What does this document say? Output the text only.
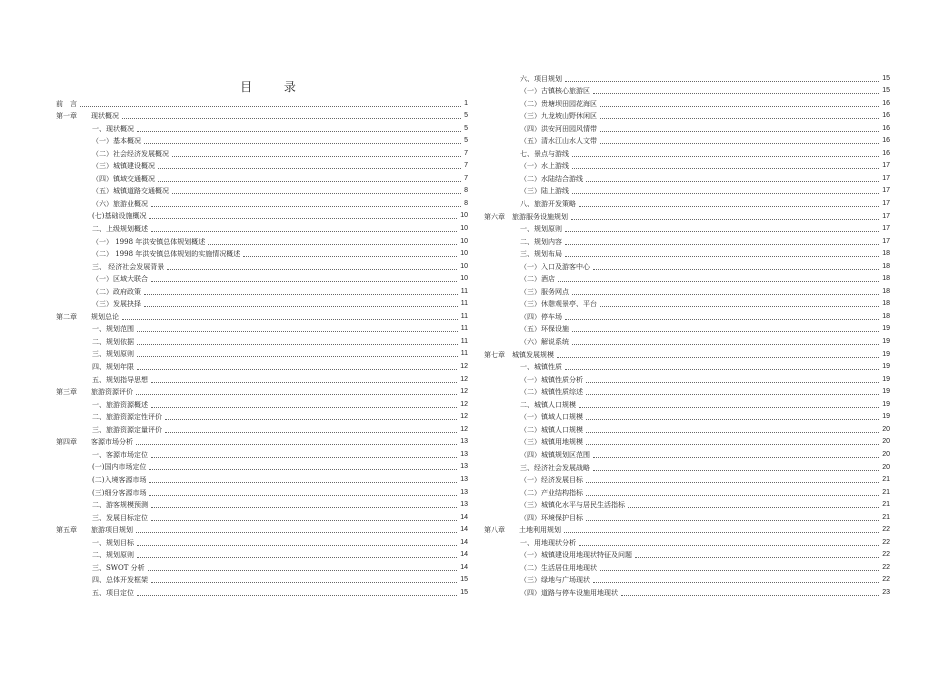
目 录
前　言	1
第一章　　现状概况	5
一、现状概况	5
（一）基本概况	5
（二）社会经济发展概况	7
（三）城镇建设概况	7
（四）镇域交通概况	7
（五）城镇道路交通概况	8
（六）旅游业概况	8
(七)基础设施概况	10
二、上级规划概述	10
（一） 1998 年洪安镇总体规划概述	10
（二） 1998 年洪安镇总体规划的实施情况概述	10
三、 经济社会发展背景	10
（一）区域大联合	10
（二）政府政策	11
（三）发展抉择	11
第二章　　规划总论	11
一、规划范围	11
二、规划依据	11
三、规划原则	11
四、规划年限	12
五、规划指导思想	12
第三章　　旅游资源评价	12
一、旅游资源概述	12
二、旅游资源定性评价	12
三、旅游资源定量评价	12
第四章　　客源市场分析	13
一、客源市场定位	13
(一)国内市场定位	13
(二)入境客源市场	13
(三)细分客源市场	13
二、游客规模预测	13
三、发展目标定位	14
第五章　　旅游项目规划	14
一、规划目标	14
二、规划原则	14
三、SWOT 分析	14
四、总体开发框架	15
五、项目定位	15
六、项目规划	15
（一）古镇核心旅游区	15
（二）贵塘坝田园花海区	16
（三）九龙坡山野休闲区	16
（四）洪安河田园风情带	16
（五）清水江山水人文带	16
七、景点与游线	16
（一）水上游线	17
（二）水陆结合游线	17
（三）陆上游线	17
八、旅游开发策略	17
第六章　旅游服务设施规划	17
一、规划原则	17
二、规划内容	17
三、规划布局	18
（一）入口及游客中心	18
（二）酒店	18
（三）服务网点	18
（三）休憩观景亭、平台	18
（四）停车场	18
（五）环保设施	19
（六）解说系统	19
第七章　城镇发展规模	19
一、城镇性质	19
（一）城镇性质分析	19
（二）城镇性质综述	19
二、城镇人口规模	19
（一）镇域人口规模	19
（二）城镇人口规模	20
（三）城镇用地规模	20
（四）城镇规划区范围	20
三、经济社会发展战略	20
（一）经济发展目标	21
（二）产业结构指标	21
（三）城镇化水平与居民生活指标	21
（四）环境保护目标	21
第八章　　土地利用规划	22
一、用地现状分析	22
（一）城镇建设用地现状特征及问题	22
（二）生活居住用地现状	22
（三）绿地与广场现状	22
（四）道路与停车设施用地现状	23
